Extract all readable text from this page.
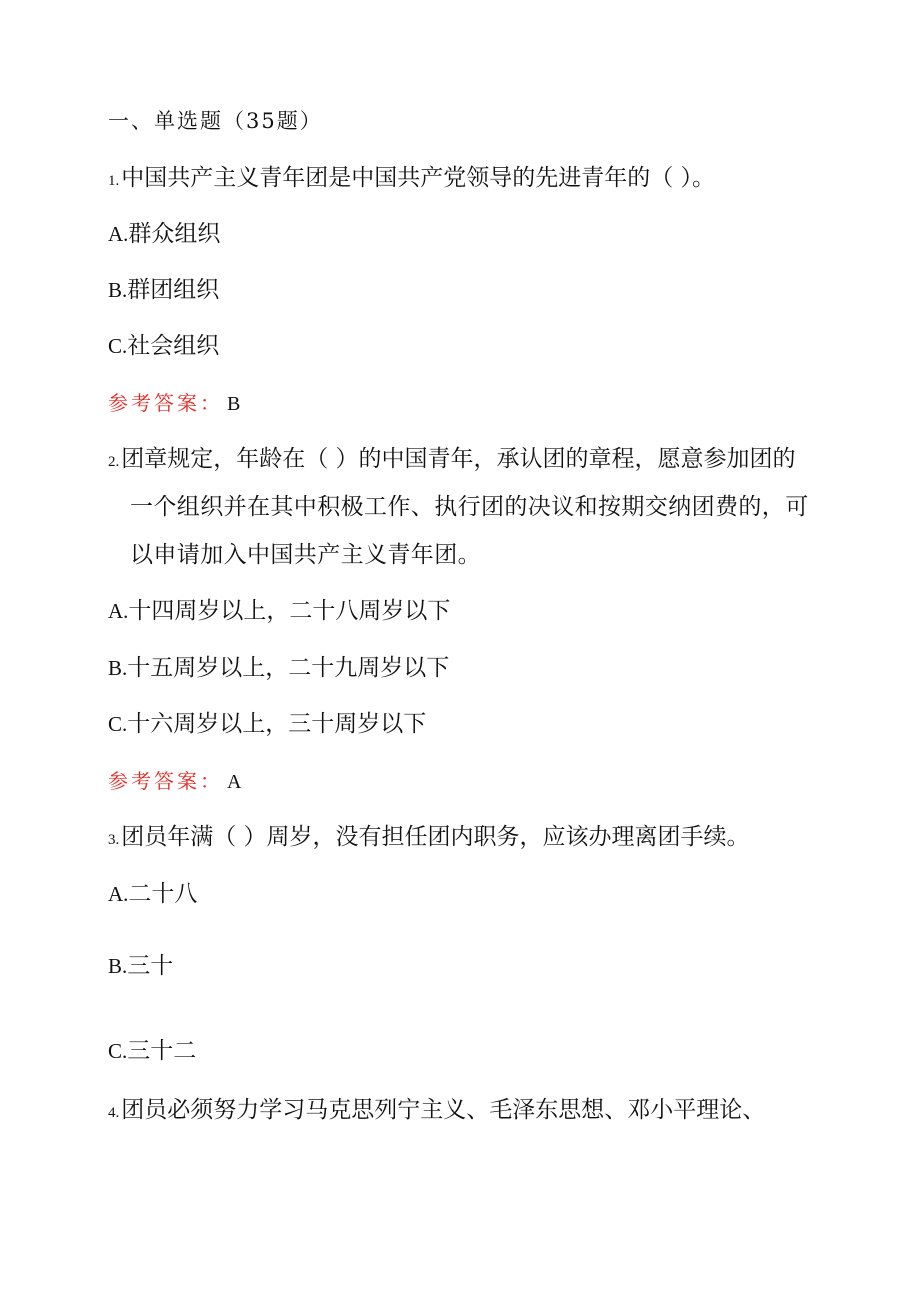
一、单选题（35题）
1.中国共产主义青年团是中国共产党领导的先进青年的（ ）。
A.群众组织
B.群团组织
C.社会组织
参考答案： B
2.团章规定，年龄在（ ）的中国青年，承认团的章程，愿意参加团的
一个组织并在其中积极工作、执行团的决议和按期交纳团费的，可
以申请加入中国共产主义青年团。
A.十四周岁以上，二十八周岁以下
B.十五周岁以上，二十九周岁以下
C.十六周岁以上，三十周岁以下
参考答案： A
3.团员年满（ ）周岁，没有担任团内职务，应该办理离团手续。
A.二十八
B.三十
C.三十二
4.团员必须努力学习马克思列宁主义、毛泽东思想、邓小平理论、
